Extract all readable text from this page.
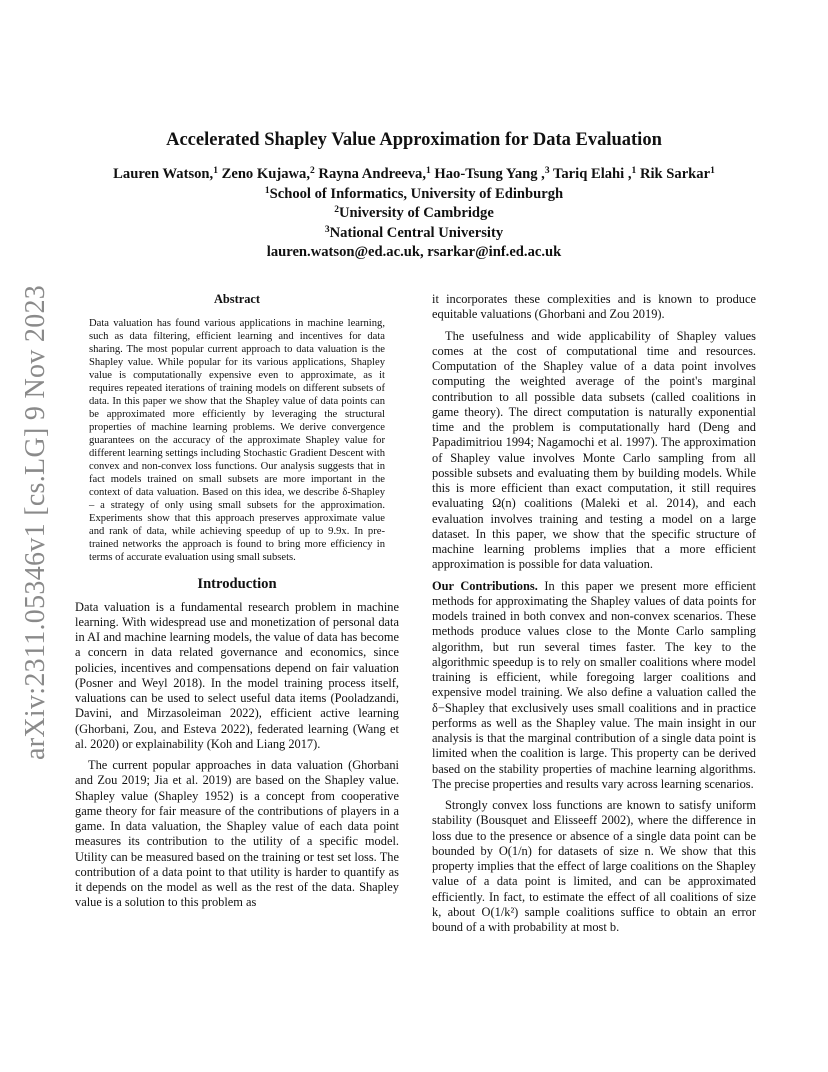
arXiv:2311.05346v1 [cs.LG] 9 Nov 2023
Accelerated Shapley Value Approximation for Data Evaluation
Lauren Watson,$^1$ Zeno Kujawa,$^2$ Rayna Andreeva,$^1$ Hao-Tsung Yang ,$^3$ Tariq Elahi ,$^1$ Rik Sarkar$^1$
$^1$School of Informatics, University of Edinburgh
$^2$University of Cambridge
$^3$National Central University
lauren.watson@ed.ac.uk, rsarkar@inf.ed.ac.uk
Abstract
Data valuation has found various applications in machine learning, such as data filtering, efficient learning and incentives for data sharing. The most popular current approach to data valuation is the Shapley value. While popular for its various applications, Shapley value is computationally expensive even to approximate, as it requires repeated iterations of training models on different subsets of data. In this paper we show that the Shapley value of data points can be approximated more efficiently by leveraging the structural properties of machine learning problems. We derive convergence guarantees on the accuracy of the approximate Shapley value for different learning settings including Stochastic Gradient Descent with convex and non-convex loss functions. Our analysis suggests that in fact models trained on small subsets are more important in the context of data valuation. Based on this idea, we describe δ-Shapley – a strategy of only using small subsets for the approximation. Experiments show that this approach preserves approximate value and rank of data, while achieving speedup of up to 9.9x. In pre-trained networks the approach is found to bring more efficiency in terms of accurate evaluation using small subsets.
Introduction

Data valuation is a fundamental research problem in machine learning. With widespread use and monetization of personal data in AI and machine learning models, the value of data has become a concern in data related governance and economics, since policies, incentives and compensations depend on fair valuation (Posner and Weyl 2018). In the model training process itself, valuations can be used to select useful data items (Pooladzandi, Davini, and Mirzasoleiman 2022), efficient active learning (Ghorbani, Zou, and Esteva 2022), federated learning (Wang et al. 2020) or explainability (Koh and Liang 2017).

The current popular approaches in data valuation (Ghorbani and Zou 2019; Jia et al. 2019) are based on the Shapley value. Shapley value (Shapley 1952) is a concept from cooperative game theory for fair measure of the contributions of players in a game. In data valuation, the Shapley value of each data point measures its contribution to the utility of a specific model. Utility can be measured based on the training or test set loss. The contribution of a data point to that utility is harder to quantify as it depends on the model as well as the rest of the data. Shapley value is a solution to this problem as

it incorporates these complexities and is known to produce equitable valuations (Ghorbani and Zou 2019).

The usefulness and wide applicability of Shapley values comes at the cost of computational time and resources. Computation of the Shapley value of a data point involves computing the weighted average of the point's marginal contribution to all possible data subsets (called coalitions in game theory). The direct computation is naturally exponential time and the problem is computationally hard (Deng and Papadimitriou 1994; Nagamochi et al. 1997). The approximation of Shapley value involves Monte Carlo sampling from all possible subsets and evaluating them by building models. While this is more efficient than exact computation, it still requires evaluating Ω(n) coalitions (Maleki et al. 2014), and each evaluation involves training and testing a model on a large dataset. In this paper, we show that the specific structure of machine learning problems implies that a more efficient approximation is possible for data valuation.

Our Contributions. In this paper we present more efficient methods for approximating the Shapley values of data points for models trained in both convex and non-convex scenarios. These methods produce values close to the Monte Carlo sampling algorithm, but run several times faster. The key to the algorithmic speedup is to rely on smaller coalitions where model training is efficient, while foregoing larger coalitions and expensive model training. We also define a valuation called the δ−Shapley that exclusively uses small coalitions and in practice performs as well as the Shapley value. The main insight in our analysis is that the marginal contribution of a single data point is limited when the coalition is large. This property can be derived based on the stability properties of machine learning algorithms. The precise properties and results vary across learning scenarios.

Strongly convex loss functions are known to satisfy uniform stability (Bousquet and Elisseeff 2002), where the difference in loss due to the presence or absence of a single data point can be bounded by O(1/n) for datasets of size n. We show that this property implies that the effect of large coalitions on the Shapley value of a data point is limited, and can be approximated efficiently. In fact, to estimate the effect of all coalitions of size k, about O(1/k²) sample coalitions suffice to obtain an error bound of a with probability at most b.
